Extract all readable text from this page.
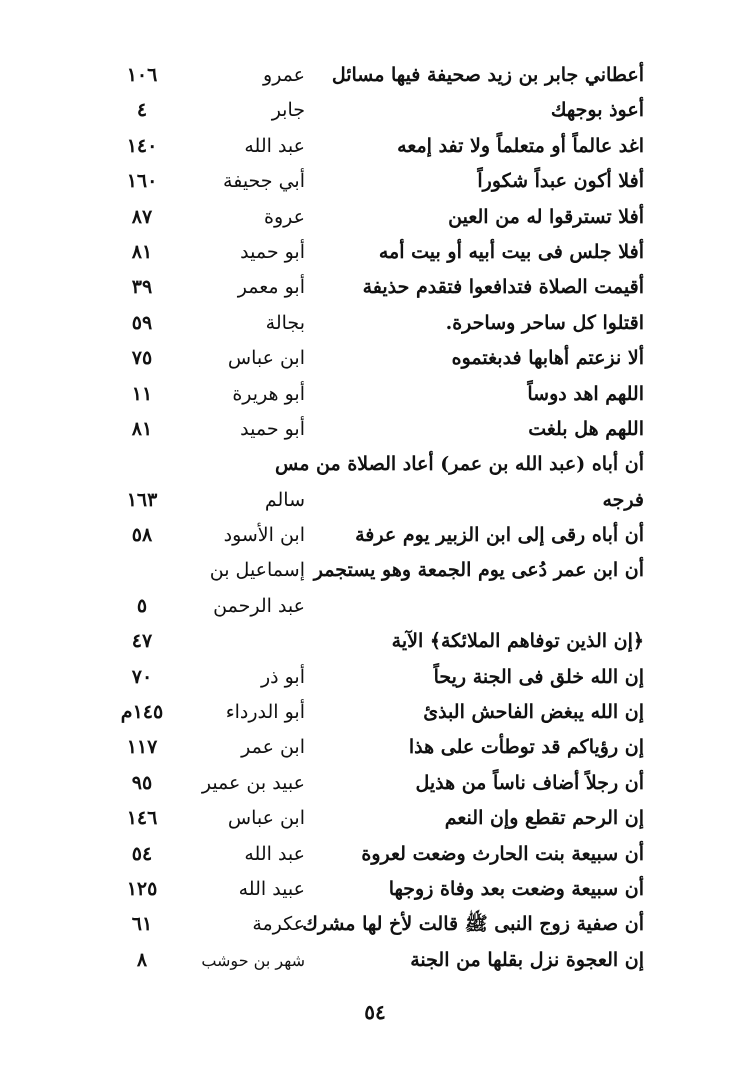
أعطاني جابر بن زيد صحيفة فيها مسائل
عمرو
١٠٦
أعوذ بوجهك
جابر
٤
اغد عالماً أو متعلماً ولا تفد إمعه
عبد الله
١٤٠
أفلا أكون عبداً شكوراً
أبي جحيفة
١٦٠
أفلا تسترقوا له من العين
عروة
٨٧
أفلا جلس فى بيت أبيه أو بيت أمه
أبو حميد
٨١
أقيمت الصلاة فتدافعوا فتقدم حذيفة
أبو معمر
٣٩
اقتلوا كل ساحر وساحرة.
بجالة
٥٩
ألا نزعتم أهابها فدبغتموه
ابن عباس
٧٥
اللهم اهد دوساً
أبو هريرة
١١
اللهم هل بلغت
أبو حميد
٨١
أن أباه (عبد الله بن عمر) أعاد الصلاة من مس
فرجه
سالم
١٦٣
أن أباه رقى إلى ابن الزبير يوم عرفة
ابن الأسود
٥٨
أن ابن عمر دُعى يوم الجمعة وهو يستجمر
إسماعيل بن
عبد الرحمن
٥
﴿إن الذين توفاهم الملائكة﴾ الآية
٤٧
إن الله خلق فى الجنة ريحاً
أبو ذر
٧٠
إن الله يبغض الفاحش البذئ
أبو الدرداء
١٤٥م
إن رؤياكم قد توطأت على هذا
ابن عمر
١١٧
أن رجلاً أضاف ناساً من هذيل
عبيد بن عمير
٩٥
إن الرحم تقطع وإن النعم
ابن عباس
١٤٦
أن سبيعة بنت الحارث وضعت لعروة
عبد الله
٥٤
أن سبيعة وضعت بعد وفاة زوجها
عبيد الله
١٢٥
أن صفية زوج النبى ﷺ قالت لأخ لها مشرك
عكرمة
٦١
إن العجوة نزل بقلها من الجنة
شهر بن حوشب
٨
٥٤
